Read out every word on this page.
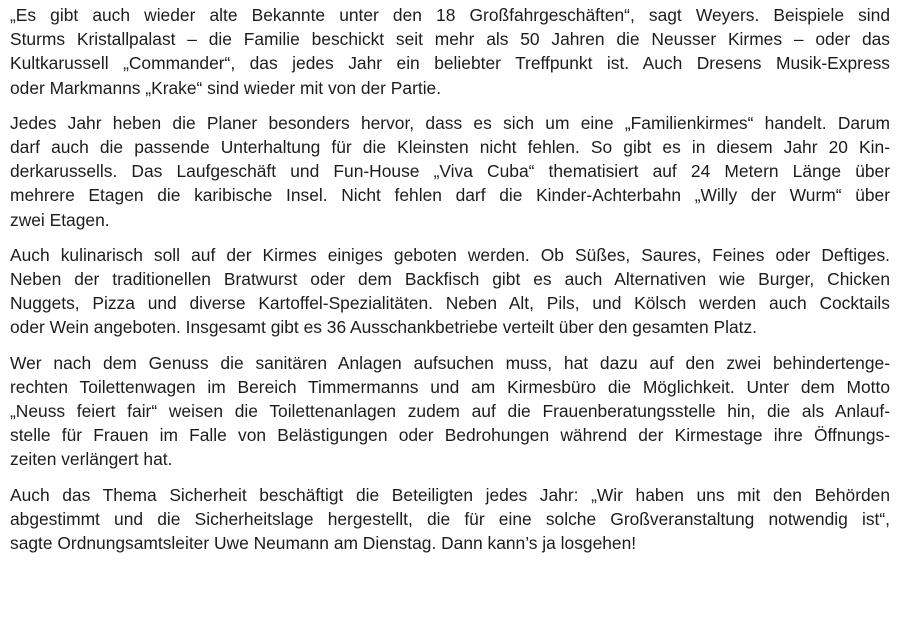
„Es gibt auch wieder alte Bekannte unter den 18 Großfahrgeschäften“, sagt Weyers. Beispiele sind
Sturms Kristallpalast – die Familie beschickt seit mehr als 50 Jahren die Neusser Kirmes – oder das
Kultkarussell „Commander“, das jedes Jahr ein beliebter Treffpunkt ist. Auch Dresens Musik-Express
oder Markmanns „Krake“ sind wieder mit von der Partie.

Jedes Jahr heben die Planer besonders hervor, dass es sich um eine „Familienkirmes“ handelt. Darum
darf auch die passende Unterhaltung für die Kleinsten nicht fehlen. So gibt es in diesem Jahr 20 Kin-
derkarussells. Das Laufgeschäft und Fun-House „Viva Cuba“ thematisiert auf 24 Metern Länge über
mehrere Etagen die karibische Insel. Nicht fehlen darf die Kinder-Achterbahn „Willy der Wurm“ über
zwei Etagen.

Auch kulinarisch soll auf der Kirmes einiges geboten werden. Ob Süßes, Saures, Feines oder Deftiges.
Neben der traditionellen Bratwurst oder dem Backfisch gibt es auch Alternativen wie Burger, Chicken
Nuggets, Pizza und diverse Kartoffel-Spezialitäten. Neben Alt, Pils, und Kölsch werden auch Cocktails
oder Wein angeboten. Insgesamt gibt es 36 Ausschankbetriebe verteilt über den gesamten Platz.

Wer nach dem Genuss die sanitären Anlagen aufsuchen muss, hat dazu auf den zwei behindertenge-
rechten Toilettenwagen im Bereich Timmermanns und am Kirmesbüro die Möglichkeit. Unter dem Motto
„Neuss feiert fair“ weisen die Toilettenanlagen zudem auf die Frauenberatungsstelle hin, die als Anlauf-
stelle für Frauen im Falle von Belästigungen oder Bedrohungen während der Kirmestage ihre Öffnungs-
zeiten verlängert hat.

Auch das Thema Sicherheit beschäftigt die Beteiligten jedes Jahr: „Wir haben uns mit den Behörden
abgestimmt und die Sicherheitslage hergestellt, die für eine solche Großveranstaltung notwendig ist“,
sagte Ordnungsamtsleiter Uwe Neumann am Dienstag. Dann kann’s ja losgehen!
